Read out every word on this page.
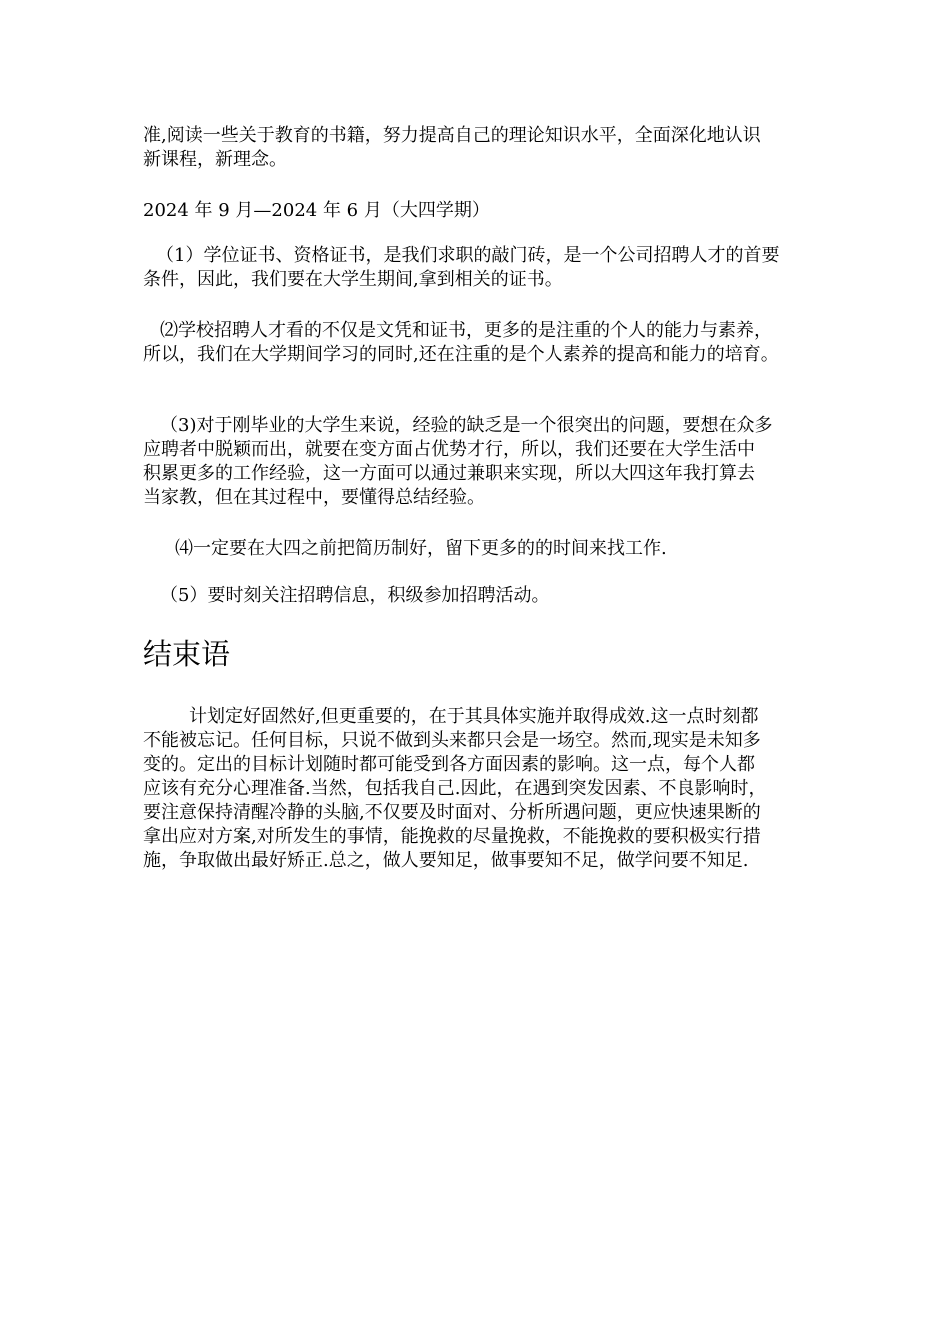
准,阅读一些关于教育的书籍，努力提高自己的理论知识水平，全面深化地认识
新课程，新理念。

2024 年 9 月—2024 年 6 月（大四学期）

（1）学位证书、资格证书，是我们求职的敲门砖，是一个公司招聘人才的首要
条件，因此，我们要在大学生期间,拿到相关的证书。

⑵学校招聘人才看的不仅是文凭和证书，更多的是注重的个人的能力与素养，
所以，我们在大学期间学习的同时,还在注重的是个人素养的提高和能力的培育。

（3)对于刚毕业的大学生来说，经验的缺乏是一个很突出的问题，要想在众多
应聘者中脱颖而出，就要在变方面占优势才行，所以，我们还要在大学生活中
积累更多的工作经验，这一方面可以通过兼职来实现，所以大四这年我打算去
当家教，但在其过程中，要懂得总结经验。

⑷一定要在大四之前把简历制好，留下更多的的时间来找工作.

（5）要时刻关注招聘信息，积级参加招聘活动。

结束语

计划定好固然好,但更重要的，在于其具体实施并取得成效.这一点时刻都
不能被忘记。任何目标，只说不做到头来都只会是一场空。然而,现实是未知多
变的。定出的目标计划随时都可能受到各方面因素的影响。这一点，每个人都
应该有充分心理准备.当然，包括我自己.因此，在遇到突发因素、不良影响时，
要注意保持清醒冷静的头脑,不仅要及时面对、分析所遇问题，更应快速果断的
拿出应对方案,对所发生的事情，能挽救的尽量挽救，不能挽救的要积极实行措
施，争取做出最好矫正.总之，做人要知足，做事要知不足，做学问要不知足.
